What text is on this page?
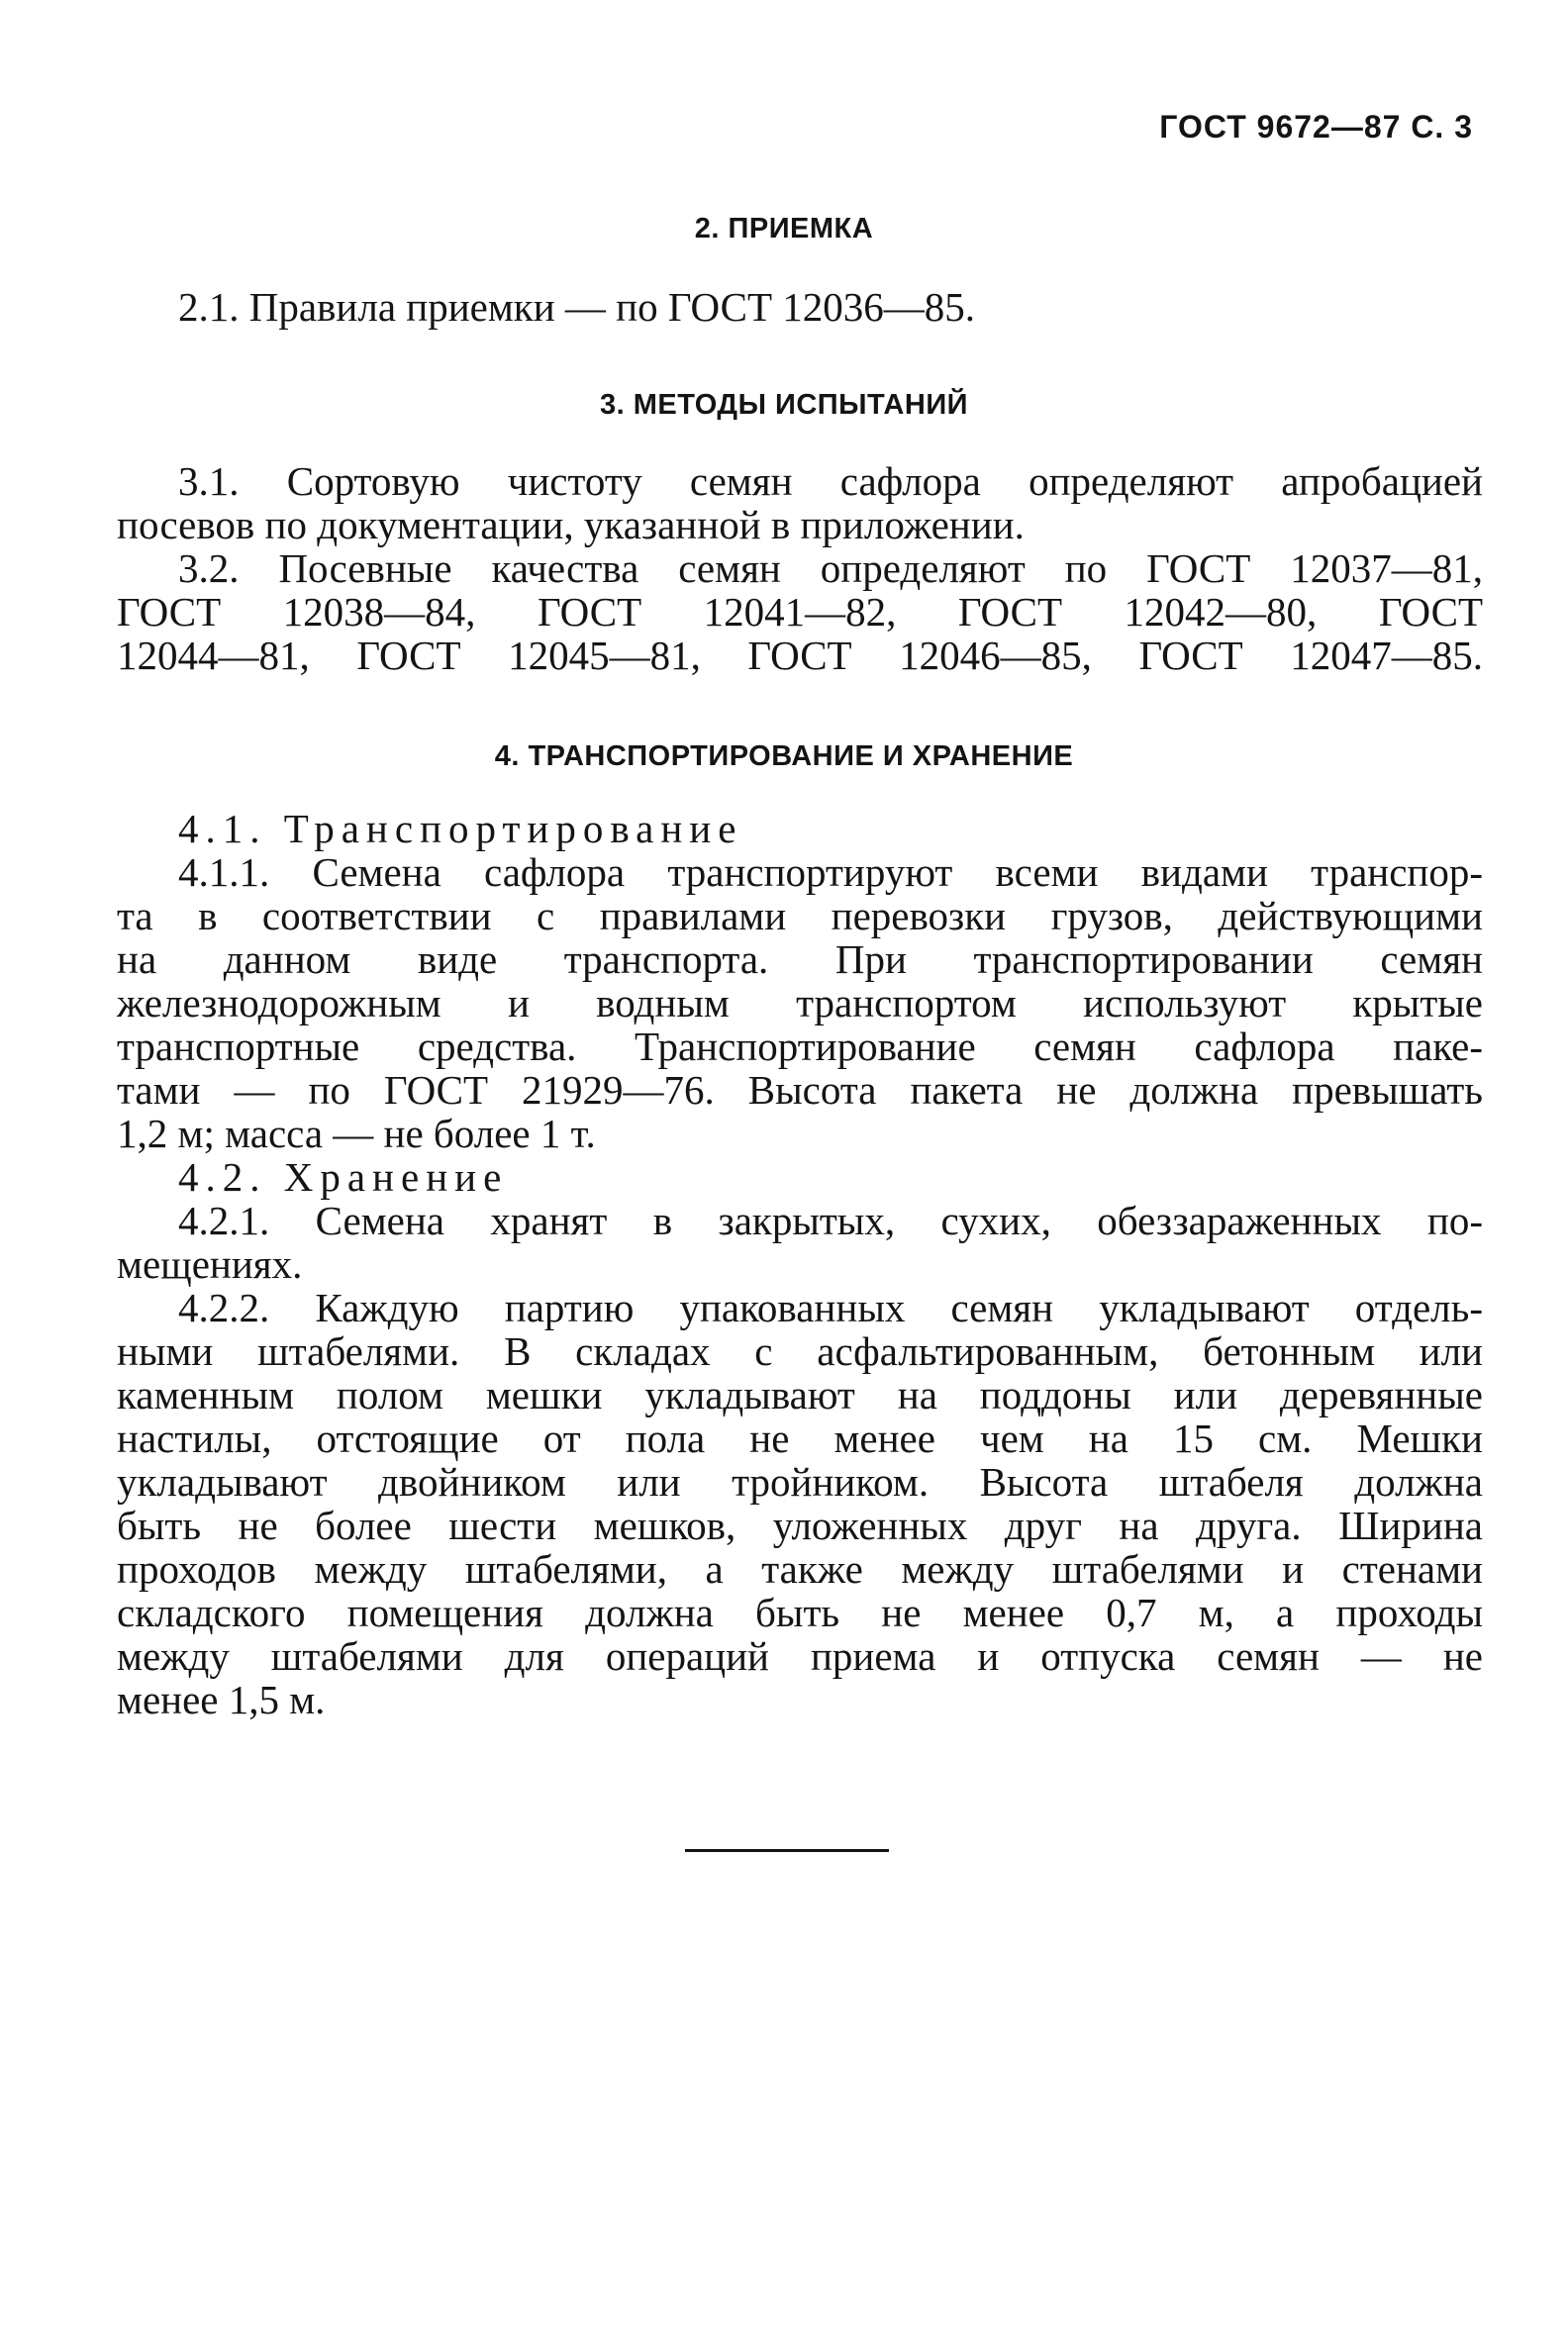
ГОСТ 9672—87 С. 3
2. ПРИЕМКА
2.1. Правила приемки — по ГОСТ 12036—85.
3. МЕТОДЫ ИСПЫТАНИЙ
3.1. Сортовую чистоту семян сафлора определяют апробацией
посевов по документации, указанной в приложении.
3.2. Посевные качества семян определяют по ГОСТ 12037—81,
ГОСТ 12038—84, ГОСТ 12041—82, ГОСТ 12042—80, ГОСТ
12044—81, ГОСТ 12045—81, ГОСТ 12046—85, ГОСТ 12047—85.
4. ТРАНСПОРТИРОВАНИЕ И ХРАНЕНИЕ
4.1. Транспортирование
4.1.1. Семена сафлора транспортируют всеми видами транспор-
та в соответствии с правилами перевозки грузов, действующими
на данном виде транспорта. При транспортировании семян
железнодорожным и водным транспортом используют крытые
транспортные средства. Транспортирование семян сафлора паке-
тами — по ГОСТ 21929—76. Высота пакета не должна превышать
1,2 м; масса — не более 1 т.
4.2. Хранение
4.2.1. Семена хранят в закрытых, сухих, обеззараженных по-
мещениях.
4.2.2. Каждую партию упакованных семян укладывают отдель-
ными штабелями. В складах с асфальтированным, бетонным или
каменным полом мешки укладывают на поддоны или деревянные
настилы, отстоящие от пола не менее чем на 15 см. Мешки
укладывают двойником или тройником. Высота штабеля должна
быть не более шести мешков, уложенных друг на друга. Ширина
проходов между штабелями, а также между штабелями и стенами
складского помещения должна быть не менее 0,7 м, а проходы
между штабелями для операций приема и отпуска семян — не
менее 1,5 м.
